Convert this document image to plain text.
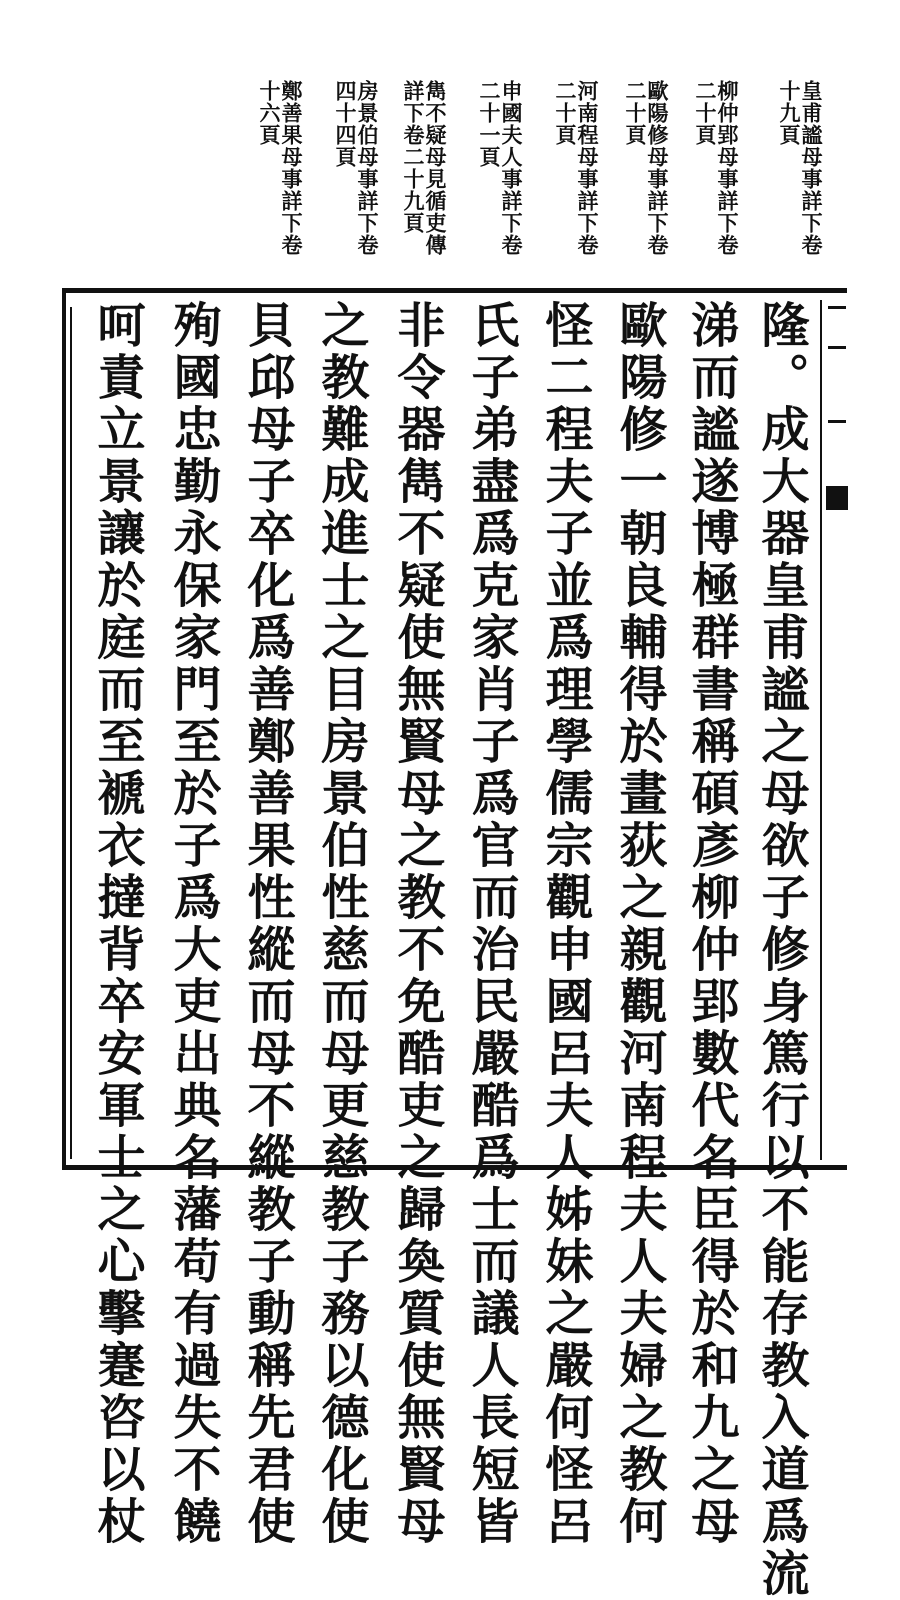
皇甫謐母事詳下卷
十九頁
柳仲郢母事詳下卷
二十頁
歐陽修母事詳下卷
二十頁
河南程母事詳下卷
二十頁
申國夫人事詳下卷
二十一頁
雋不疑母見循吏傳
詳下卷二十九頁
房景伯母事詳下卷
四十四頁
鄭善果母事詳下卷
十六頁
隆。成大器皇甫謐之母欲子修身篤行以不能存教入道爲流
涕而謐遂博極群書稱碩彥柳仲郢數代名臣得於和九之母
歐陽修一朝良輔得於畫荻之親觀河南程夫人夫婦之教何
怪二程夫子並爲理學儒宗觀申國呂夫人姊妹之嚴何怪呂
氏子弟盡爲克家肖子爲官而治民嚴酷爲士而議人長短皆
非令器雋不疑使無賢母之教不免酷吏之歸奐質使無賢母
之教難成進士之目房景伯性慈而母更慈教子務以德化使
貝邱母子卒化爲善鄭善果性縱而母不縱教子動稱先君使
殉國忠勤永保家門至於子爲大吏出典名藩苟有過失不饒
呵責立景讓於庭而至褫衣撻背卒安軍士之心擊蹇咨以杖
